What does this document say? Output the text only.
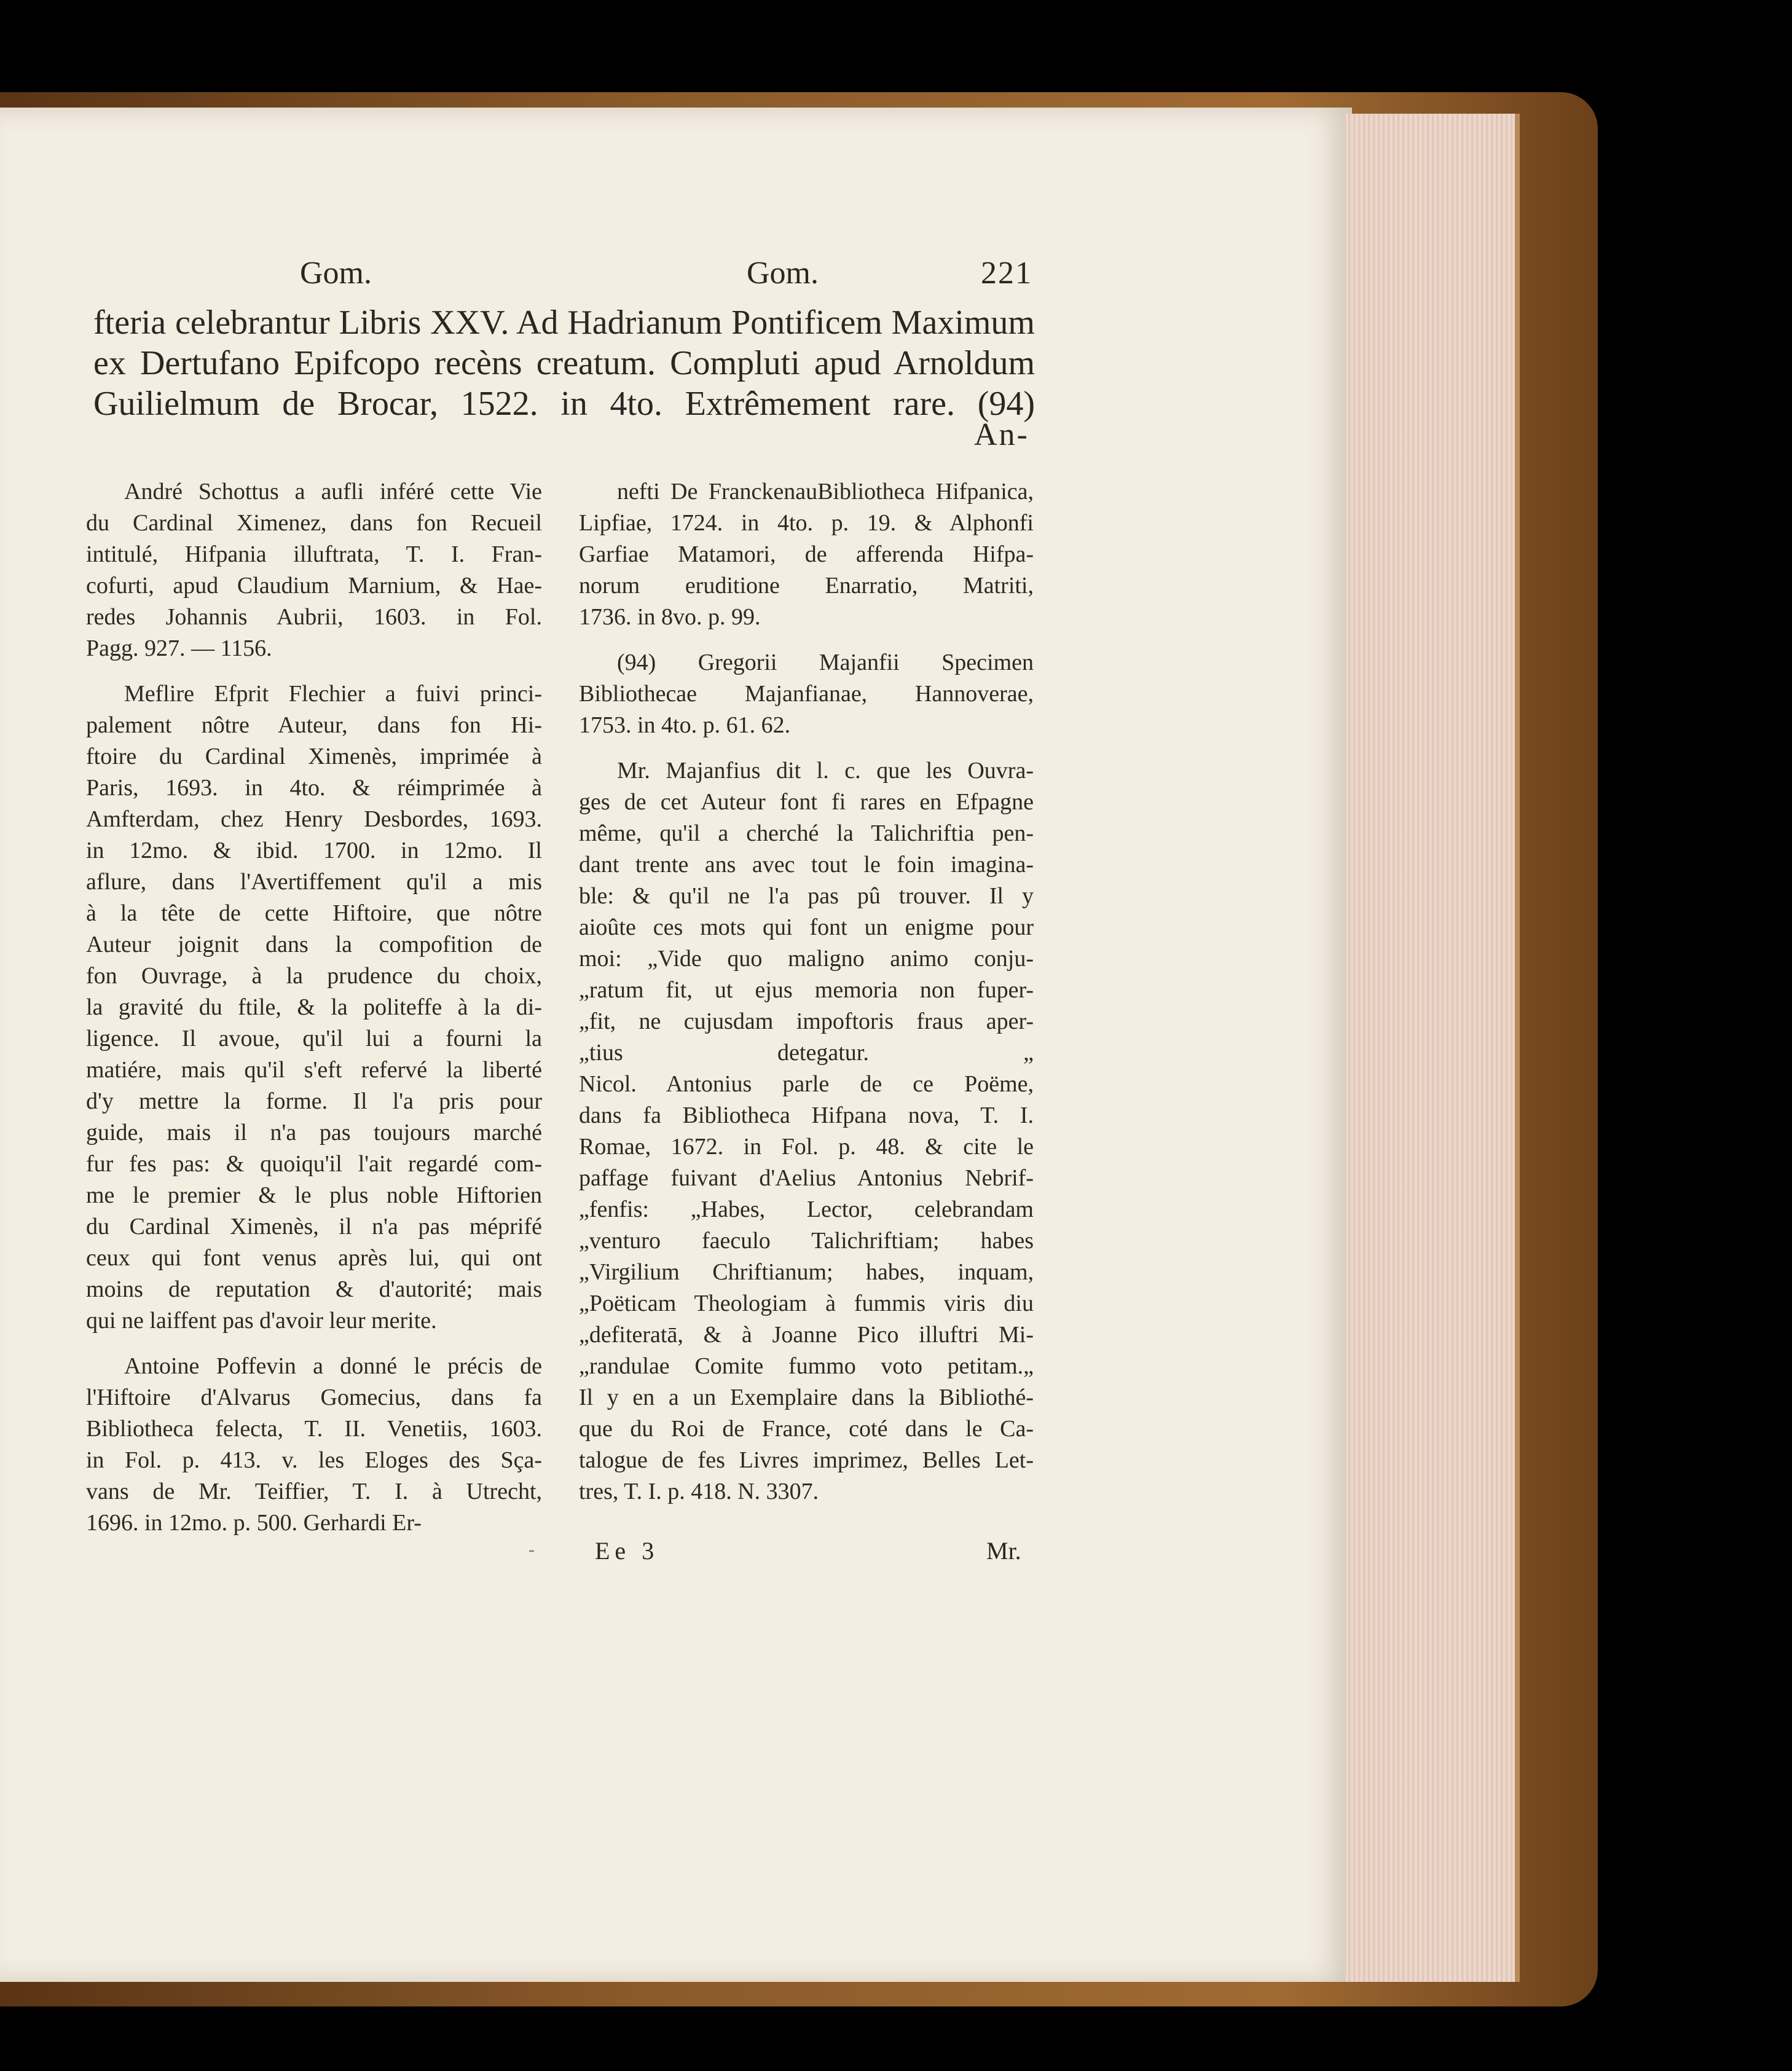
Gom.	Gom.	221
fteria celebrantur Libris XXV. Ad Hadrianum Pontificem Maximum
ex Dertufano Epifcopo recèns creatum. Compluti apud Arnoldum
Guilielmum de Brocar, 1522. in 4to. Extrêmement rare. (94)
An-
André Schottus a aufli inféré cette Vie
du Cardinal Ximenez, dans fon Recueil
intitulé, Hifpania illuftrata, T. I. Fran-
cofurti, apud Claudium Marnium, & Hae-
redes Johannis Aubrii, 1603. in Fol.
Pagg. 927. — 1156.
Meflire Efprit Flechier a fuivi princi-
palement nôtre Auteur, dans fon Hi-
ftoire du Cardinal Ximenès, imprimée à
Paris, 1693. in 4to. & réimprimée à
Amfterdam, chez Henry Desbordes, 1693.
in 12mo. & ibid. 1700. in 12mo. Il
aflure, dans l'Avertiffement qu'il a mis
à la tête de cette Hiftoire, que nôtre
Auteur joignit dans la compofition de
fon Ouvrage, à la prudence du choix,
la gravité du ftile, & la politeffe à la di-
ligence. Il avoue, qu'il lui a fourni la
matiére, mais qu'il s'eft refervé la liberté
d'y mettre la forme. Il l'a pris pour
guide, mais il n'a pas toujours marché
fur fes pas: & quoiqu'il l'ait regardé com-
me le premier & le plus noble Hiftorien
du Cardinal Ximenès, il n'a pas méprifé
ceux qui font venus après lui, qui ont
moins de reputation & d'autorité; mais
qui ne laiffent pas d'avoir leur merite.
Antoine Poffevin a donné le précis de
l'Hiftoire d'Alvarus Gomecius, dans fa
Bibliotheca felecta, T. II. Venetiis, 1603.
in Fol. p. 413. v. les Eloges des Sça-
vans de Mr. Teiffier, T. I. à Utrecht,
1696. in 12mo. p. 500. Gerhardi Er-
nefti De FranckenauBibliotheca Hifpanica,
Lipfiae, 1724. in 4to. p. 19. & Alphonfi
Garfiae Matamori, de afferenda Hifpa-
norum eruditione Enarratio, Matriti,
1736. in 8vo. p. 99.
(94) Gregorii Majanfii Specimen
Bibliothecae Majanfianae, Hannoverae,
1753. in 4to. p. 61. 62.
Mr. Majanfius dit l. c. que les Ouvra-
ges de cet Auteur font fi rares en Efpagne
même, qu'il a cherché la Talichriftia pen-
dant trente ans avec tout le foin imagina-
ble: & qu'il ne l'a pas pû trouver. Il y
aioûte ces mots qui font un enigme pour
moi: „Vide quo maligno animo conju-
„ratum fit, ut ejus memoria non fuper-
„fit, ne cujusdam impoftoris fraus aper-
„tius detegatur. „
Nicol. Antonius parle de ce Poëme,
dans fa Bibliotheca Hifpana nova, T. I.
Romae, 1672. in Fol. p. 48. & cite le
paffage fuivant d'Aelius Antonius Nebrif-
„fenfis: „Habes, Lector, celebrandam
„venturo faeculo Talichriftiam; habes
„Virgilium Chriftianum; habes, inquam,
„Poëticam Theologiam à fummis viris diu
„defiteratā, & à Joanne Pico illuftri Mi-
„randulae Comite fummo voto petitam.„
Il y en a un Exemplaire dans la Bibliothé-
que du Roi de France, coté dans le Ca-
talogue de fes Livres imprimez, Belles Let-
tres, T. I. p. 418. N. 3307.
- Ee 3	Mr.
